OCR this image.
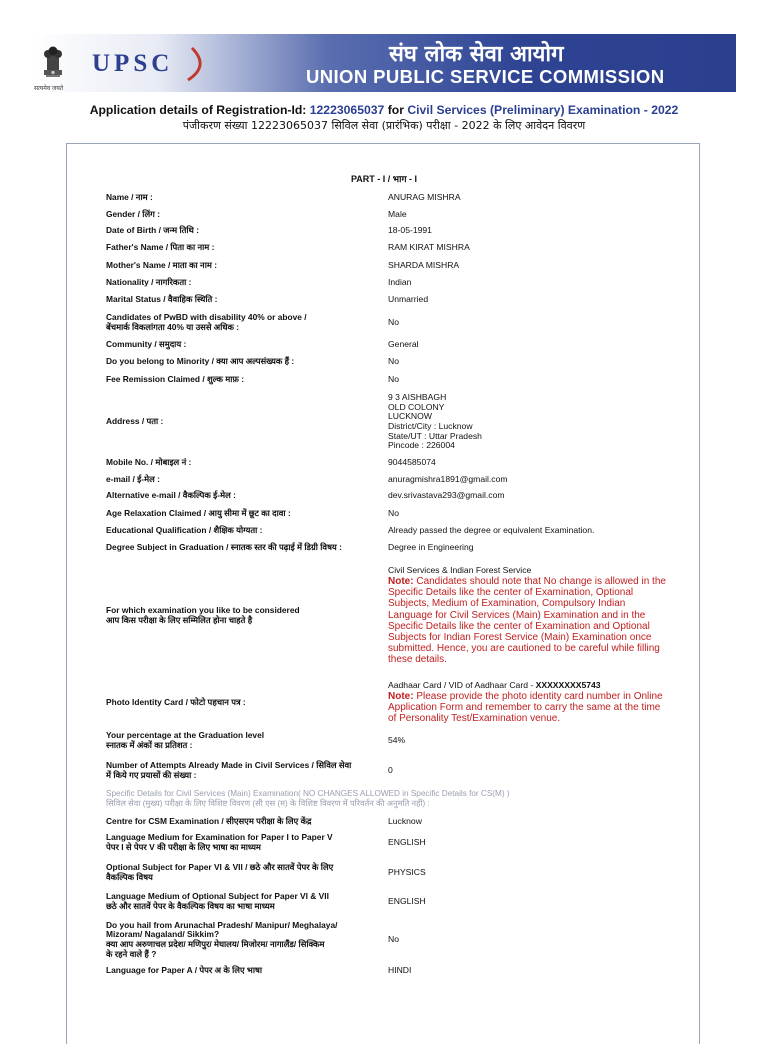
सत्यमेव जयते
UPSC	संघ लोक सेवा आयोग
UNION PUBLIC SERVICE COMMISSION
Application details of Registration-Id: 12223065037 for Civil Services (Preliminary) Examination - 2022
पंजीकरण संख्या 12223065037 सिविल सेवा (प्रारंभिक) परीक्षा - 2022 के लिए आवेदन विवरण
PART - I / भाग - I
Name / नाम :	ANURAG MISHRA
Gender / लिंग :	Male
Date of Birth / जन्म तिथि :	18-05-1991
Father's Name / पिता का नाम :	RAM KIRAT MISHRA
Mother's Name / माता का नाम :	SHARDA MISHRA
Nationality / नागरिकता :	Indian
Marital Status / वैवाहिक स्थिति :	Unmarried
Candidates of PwBD with disability 40% or above /
बेंचमार्क विकलांगता 40% या उससे अधिक :	No
Community / समुदाय :	General
Do you belong to Minority / क्या आप अल्पसंख्यक हैं :	No
Fee Remission Claimed / शुल्क माफ़ :	No
Address / पता :
9 3 AISHBAGH
OLD COLONY
LUCKNOW
District/City : Lucknow
State/UT : Uttar Pradesh
Pincode : 226004
Mobile No. / मोबाइल नं :	9044585074
e-mail / ई-मेल :	anuragmishra1891@gmail.com
Alternative e-mail / वैकल्पिक ई-मेल :	dev.srivastava293@gmail.com
Age Relaxation Claimed / आयु सीमा में छूट का दावा :	No
Educational Qualification / शैक्षिक योग्यता :	Already passed the degree or equivalent Examination.
Degree Subject in Graduation / स्नातक स्तर की पढ़ाई में डिग्री विषय :	Degree in Engineering
For which examination you like to be considered
आप किस परीक्षा के लिए सम्मिलित होना चाहते है
Civil Services & Indian Forest Service
Note: Candidates should note that No change is allowed in the Specific Details like the center of Examination, Optional Subjects, Medium of Examination, Compulsory Indian Language for Civil Services (Main) Examination and in the Specific Details like the center of Examination and Optional Subjects for Indian Forest Service (Main) Examination once submitted. Hence, you are cautioned to be careful while filling these details.
Photo Identity Card / फोटो पहचान पत्र :
Aadhaar Card / VID of Aadhaar Card - XXXXXXXX5743
Note: Please provide the photo identity card number in Online Application Form and remember to carry the same at the time of Personality Test/Examination venue.
Your percentage at the Graduation level
स्नातक में अंकों का प्रतिशत :	54%
Number of Attempts Already Made in Civil Services / सिविल सेवा
में किये गए प्रयासों की संख्या :	0
Centre for CSM Examination / सीएसएम परीक्षा के लिए केंद्र	Lucknow
Language Medium for Examination for Paper I to Paper V
पेपर I से पेपर V की परीक्षा के लिए भाषा का माध्यम	ENGLISH
Optional Subject for Paper VI & VII / छठे और सातवें पेपर के लिए
वैकल्पिक विषय	PHYSICS
Language Medium of Optional Subject for Paper VI & VII
छठे और सातवें पेपर के वैकल्पिक विषय का भाषा माध्यम	ENGLISH
Do you hail from Arunachal Pradesh/ Manipur/ Meghalaya/
Mizoram/ Nagaland/ Sikkim?
क्या आप अरुणाचल प्रदेश/ मणिपुर/ मेघालय/ मिजोरम/ नागालैंड/ सिक्किम
के रहने वाले हैं ?
No
Language for Paper A / पेपर अ के लिए भाषा	HINDI
Specific Details for Civil Services (Main) Examination( NO CHANGES ALLOWED in Specific Details for CS(M) )
सिविल सेवा (मुख्य) परीक्षा के लिए विशिष्ट विवरण (सी एस (म) के विशिष्ट विवरण में परिवर्तन की अनुमति नहीं) :
